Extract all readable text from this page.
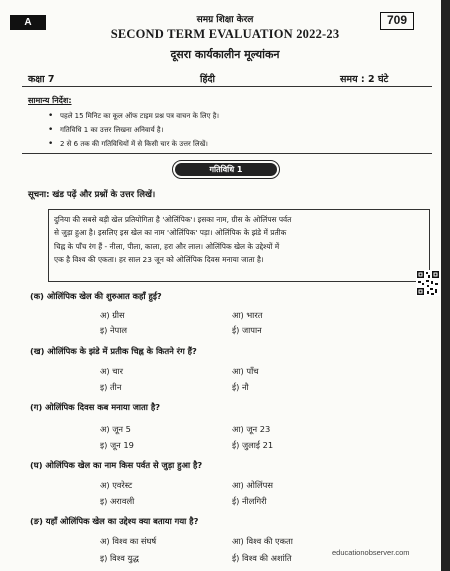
A	709
समग्र शिक्षा केरल
SECOND TERM EVALUATION 2022-23
दूसरा कार्यकालीन मूल्यांकन
कक्षा 7	हिंदी	समय : 2 घंटे
सामान्य निर्देश:
• पहले 15 मिनिट का कूल ऑफ टाइम प्रश्न पत्र वाचन के लिए है।
• गतिविधि 1 का उत्तर लिखना अनिवार्य है।
• 2 से 6 तक की गतिविधियों में से किसी चार के उत्तर लिखें।
गतिविधि 1
सूचना: खंड पढ़ें और प्रश्नों के उत्तर लिखें।
दुनिया की सबसे बड़ी खेल प्रतियोगिता है 'ओलिंपिक'। इसका नाम, ग्रीस के ओलिंपस पर्वत
से जुड़ा हुआ है। इसलिए इस खेल का नाम 'ओलिंपिक' पड़ा। ओलिंपिक के झंडे में प्रतीक
चिह्न के पाँच रंग हैं - नीला, पीला, काला, हरा और लाल। ओलिंपिक खेल के उद्देश्यों में
एक है विश्व की एकता। हर साल 23 जून को ओलिंपिक दिवस मनाया जाता है।
(क) ओलिंपिक खेल की शुरुआत कहाँ हुई?
अ) ग्रीस	आ) भारत
इ) नेपाल	ई) जापान
(ख) ओलिंपिक के झंडे में प्रतीक चिह्न के कितने रंग हैं?
अ) चार	आ) पाँच
इ) तीन	ई) नौ
(ग) ओलिंपिक दिवस कब मनाया जाता है?
अ) जून 5	आ) जून 23
इ) जून 19	ई) जुलाई 21
(घ) ओलिंपिक खेल का नाम किस पर्वत से जुड़ा हुआ है?
अ) एवरेस्ट	आ) ओलिंपस
इ) अरावली	ई) नीलगिरी
(ङ) यहाँ ओलिंपिक खेल का उद्देश्य क्या बताया गया है?
अ) विश्व का संघर्ष	आ) विश्व की एकता
इ) विश्व युद्ध	ई) विश्व की अशांति
educationobserver.com
